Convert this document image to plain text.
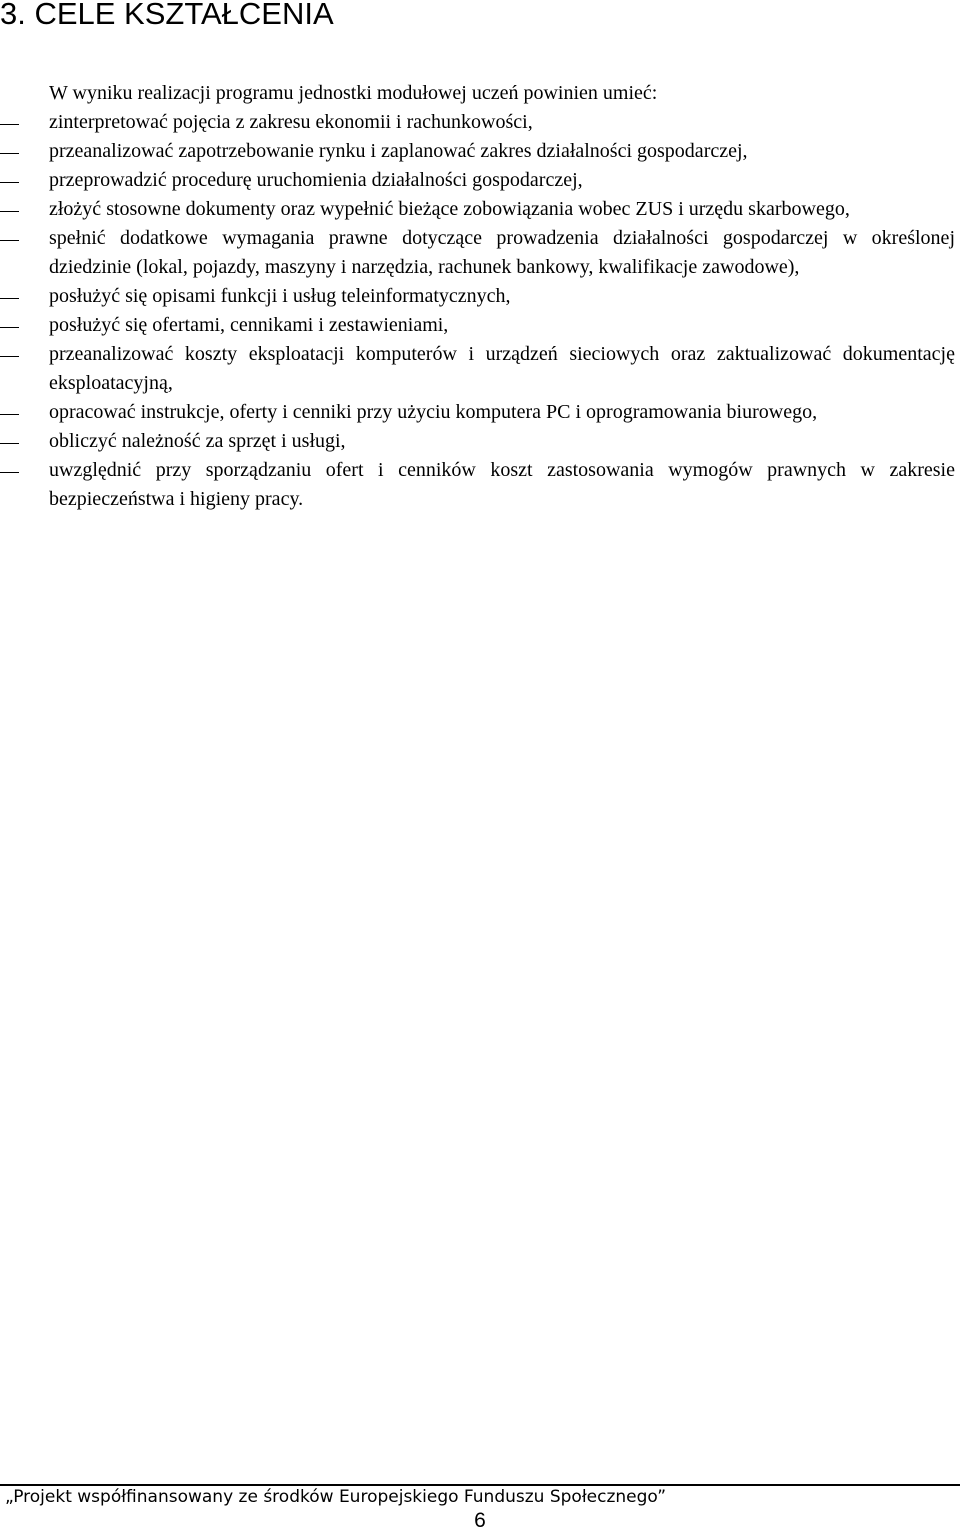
3. CELE KSZTAŁCENIA

W wyniku realizacji programu jednostki modułowej uczeń powinien umieć:

zinterpretować pojęcia z zakresu ekonomii i rachunkowości,
przeanalizować zapotrzebowanie rynku i zaplanować zakres działalności gospodarczej,
przeprowadzić procedurę uruchomienia działalności gospodarczej,
złożyć stosowne dokumenty oraz wypełnić bieżące zobowiązania wobec ZUS i urzędu skarbowego,
spełnić dodatkowe wymagania prawne dotyczące prowadzenia działalności gospodarczej w określonej dziedzinie (lokal, pojazdy, maszyny i narzędzia, rachunek bankowy, kwalifikacje zawodowe),
posłużyć się opisami funkcji i usług teleinformatycznych,
posłużyć się ofertami, cennikami i zestawieniami,
przeanalizować koszty eksploatacji komputerów i urządzeń sieciowych oraz zaktualizować dokumentację eksploatacyjną,
opracować instrukcje, oferty i cenniki przy użyciu komputera PC i oprogramowania biurowego,
obliczyć należność za sprzęt i usługi,
uwzględnić przy sporządzaniu ofert i cenników koszt zastosowania wymogów prawnych w zakresie bezpieczeństwa i higieny pracy.
„Projekt współfinansowany ze środków Europejskiego Funduszu Społecznego”
6
